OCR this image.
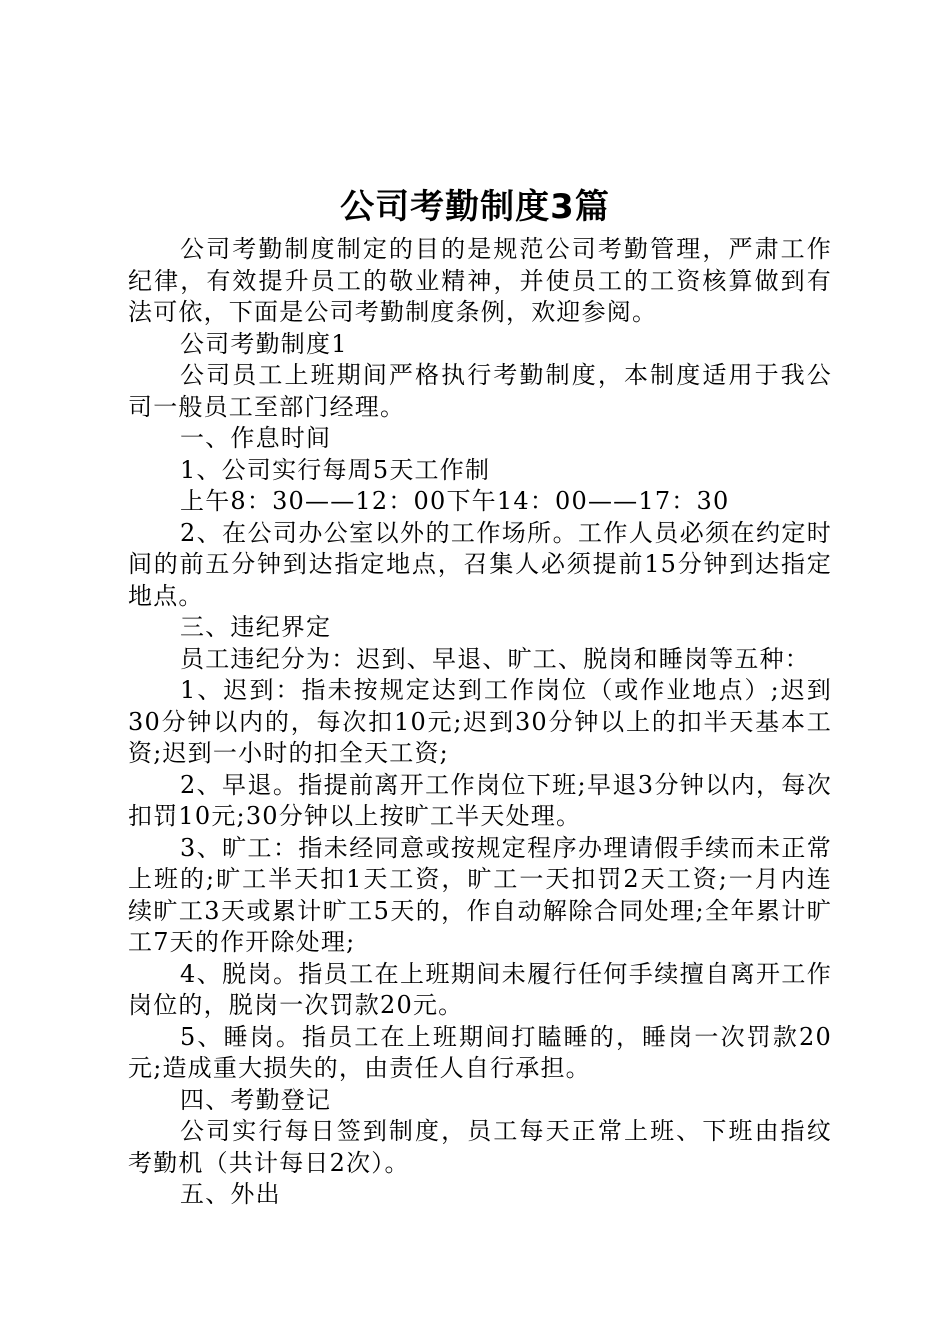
公司考勤制度3篇

公司考勤制度制定的目的是规范公司考勤管理，严肃工作纪律，有效提升员工的敬业精神，并使员工的工资核算做到有法可依，下面是公司考勤制度条例，欢迎参阅。

公司考勤制度1

公司员工上班期间严格执行考勤制度，本制度适用于我公司一般员工至部门经理。

一、作息时间

1、公司实行每周5天工作制

上午8：30——12：00下午14：00——17：30

2、在公司办公室以外的工作场所。工作人员必须在约定时间的前五分钟到达指定地点，召集人必须提前15分钟到达指定地点。

三、违纪界定

员工违纪分为：迟到、早退、旷工、脱岗和睡岗等五种：

1、迟到：指未按规定达到工作岗位（或作业地点）;迟到30分钟以内的，每次扣10元;迟到30分钟以上的扣半天基本工资;迟到一小时的扣全天工资;

2、早退。指提前离开工作岗位下班;早退3分钟以内，每次扣罚10元;30分钟以上按旷工半天处理。

3、旷工：指未经同意或按规定程序办理请假手续而未正常上班的;旷工半天扣1天工资，旷工一天扣罚2天工资;一月内连续旷工3天或累计旷工5天的，作自动解除合同处理;全年累计旷工7天的作开除处理;

4、脱岗。指员工在上班期间未履行任何手续擅自离开工作岗位的，脱岗一次罚款20元。

5、睡岗。指员工在上班期间打瞌睡的，睡岗一次罚款20元;造成重大损失的，由责任人自行承担。

四、考勤登记

公司实行每日签到制度，员工每天正常上班、下班由指纹考勤机（共计每日2次）。

五、外出
